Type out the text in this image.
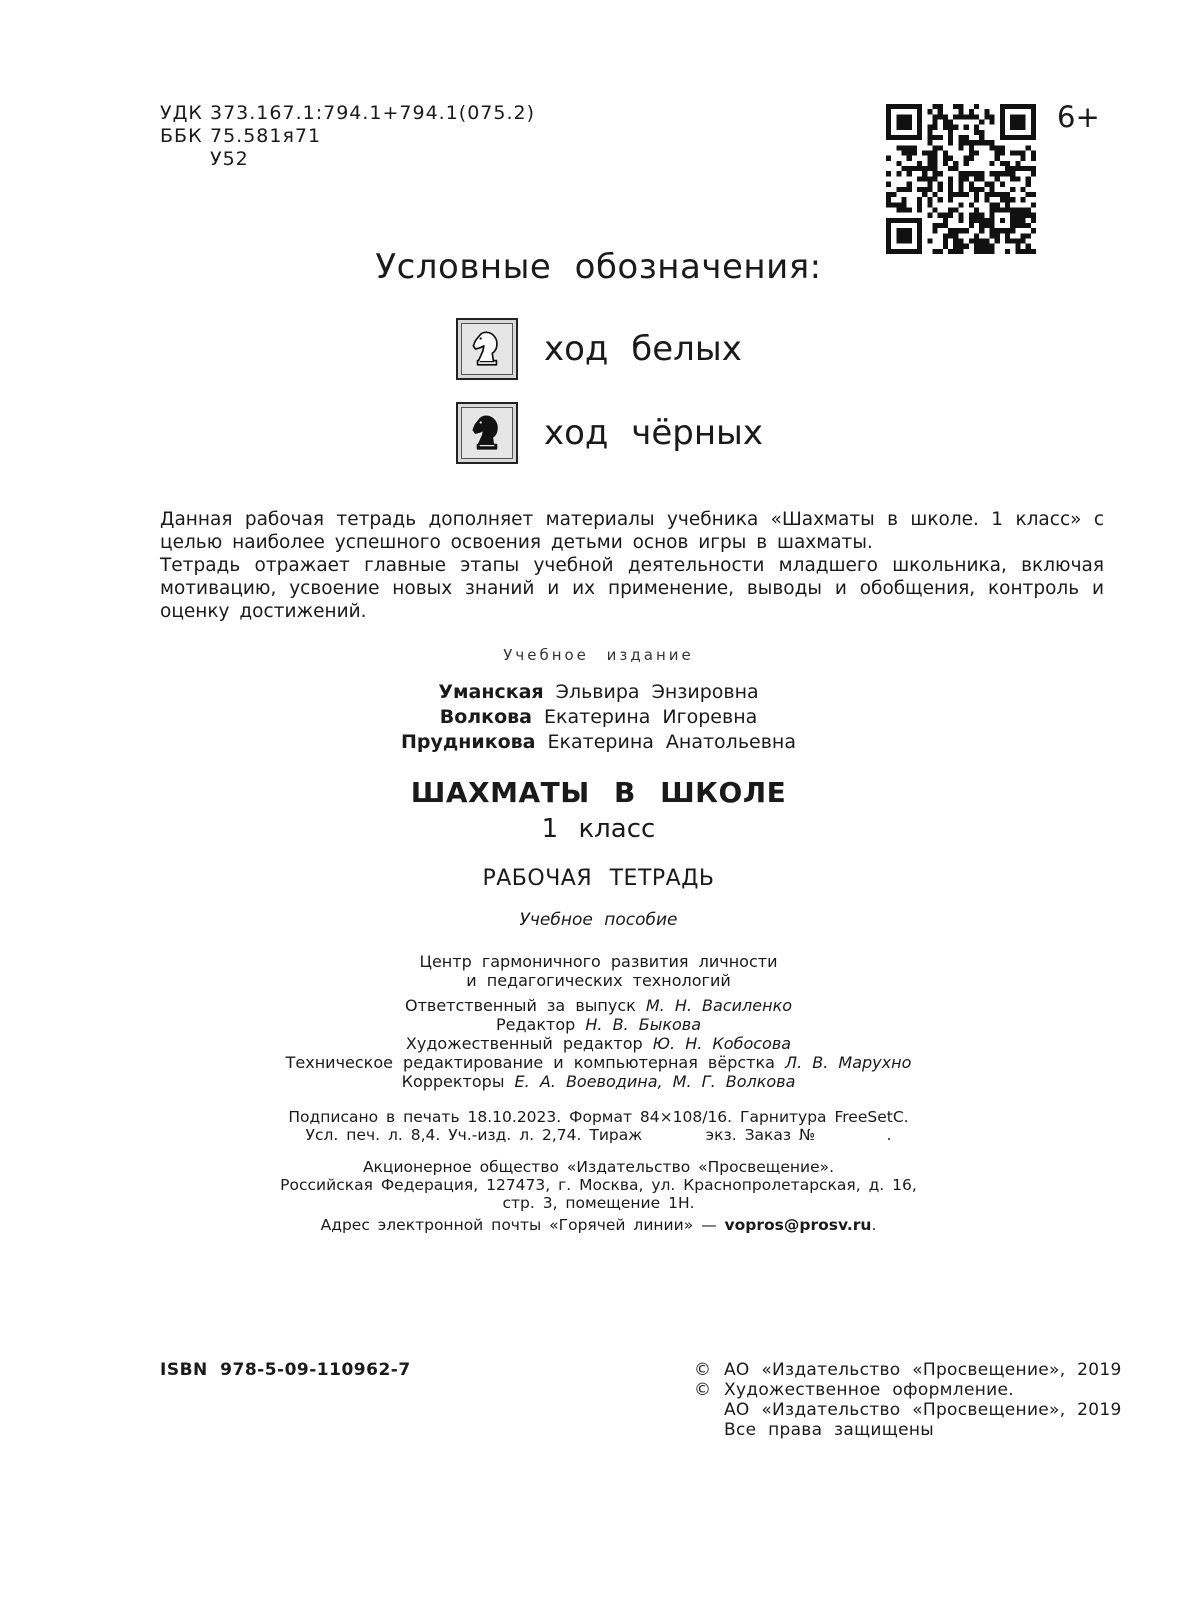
УДК 373.167.1:794.1+794.1(075.2)
ББК 75.581я71
У52
6+
Условные обозначения:
ход белых
ход чёрных

Данная рабочая тетрадь дополняет материалы учебника «Шахматы в школе. 1 класс» с целью наиболее успешного освоения детьми основ игры в шахматы.

Тетрадь отражает главные этапы учебной деятельности младшего школьника, включая мотивацию, усвоение новых знаний и их применение, выводы и обобщения, контроль и оценку достижений.

Учебное издание
Уманская Эльвира Энзировна
Волкова Екатерина Игоревна
Прудникова Екатерина Анатольевна
ШАХМАТЫ В ШКОЛЕ
1 класс
РАБОЧАЯ ТЕТРАДЬ
Учебное пособие
Центр гармоничного развития личности
и педагогических технологий
Ответственный за выпуск М. Н. Василенко
Редактор Н. В. Быкова
Художественный редактор Ю. Н. Кобосова
Техническое редактирование и компьютерная вёрстка Л. В. Марухно
Корректоры Е. А. Воеводина, М. Г. Волкова
Подписано в печать 18.10.2023. Формат 84×108/16. Гарнитура FreeSetC.
Усл. печ. л. 8,4. Уч.-изд. л. 2,74. Тираж        экз. Заказ №         .
Акционерное общество «Издательство «Просвещение».
Российская Федерация, 127473, г. Москва, ул. Краснопролетарская, д. 16,
стр. 3, помещение 1Н.
Адрес электронной почты «Горячей линии» — vopros@prosv.ru.
ISBN 978-5-09-110962-7	© АО «Издательство «Просвещение», 2019
© Художественное оформление.
АО «Издательство «Просвещение», 2019
Все права защищены
